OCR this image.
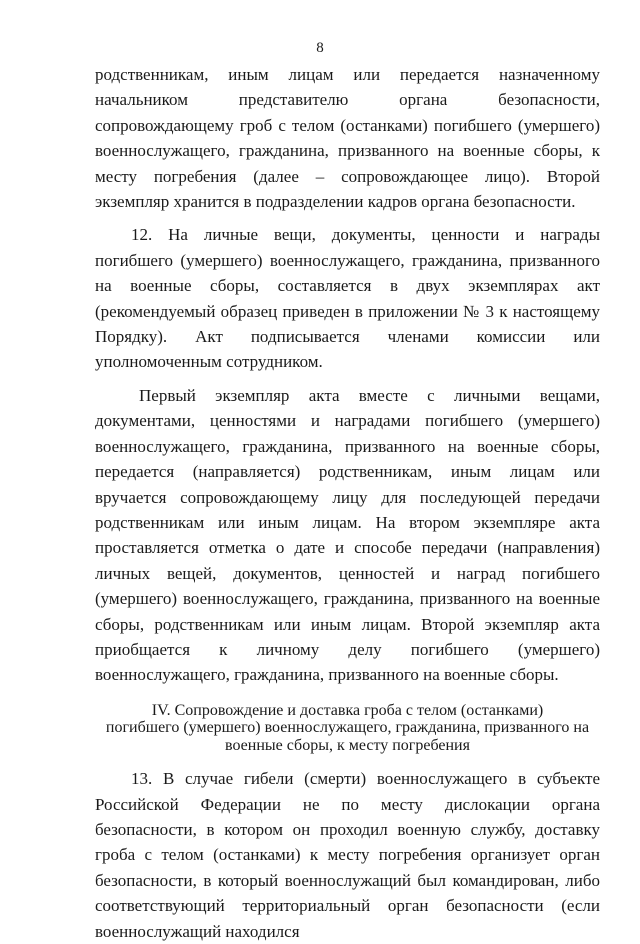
8

родственникам, иным лицам или передается назначенному начальником представителю органа безопасности, сопровождающему гроб с телом (останками) погибшего (умершего) военнослужащего, гражданина, призванного на военные сборы, к месту погребения (далее – сопровождающее лицо). Второй экземпляр хранится в подразделении кадров органа безопасности.

12. На личные вещи, документы, ценности и награды погибшего (умершего) военнослужащего, гражданина, призванного на военные сборы, составляется в двух экземплярах акт (рекомендуемый образец приведен в приложении № 3 к настоящему Порядку). Акт подписывается членами комиссии или уполномоченным сотрудником.

Первый экземпляр акта вместе с личными вещами, документами, ценностями и наградами погибшего (умершего) военнослужащего, гражданина, призванного на военные сборы, передается (направляется) родственникам, иным лицам или вручается сопровождающему лицу для последующей передачи родственникам или иным лицам. На втором экземпляре акта проставляется отметка о дате и способе передачи (направления) личных вещей, документов, ценностей и наград погибшего (умершего) военнослужащего, гражданина, призванного на военные сборы, родственникам или иным лицам. Второй экземпляр акта приобщается к личному делу погибшего (умершего) военнослужащего, гражданина, призванного на военные сборы.

IV. Сопровождение и доставка гроба с телом (останками)
погибшего (умершего) военнослужащего, гражданина, призванного на
военные сборы, к месту погребения

13. В случае гибели (смерти) военнослужащего в субъекте Российской Федерации не по месту дислокации органа безопасности, в котором он проходил военную службу, доставку гроба с телом (останками) к месту погребения организует орган безопасности, в который военнослужащий был командирован, либо соответствующий территориальный орган безопасности (если военнослужащий находился
